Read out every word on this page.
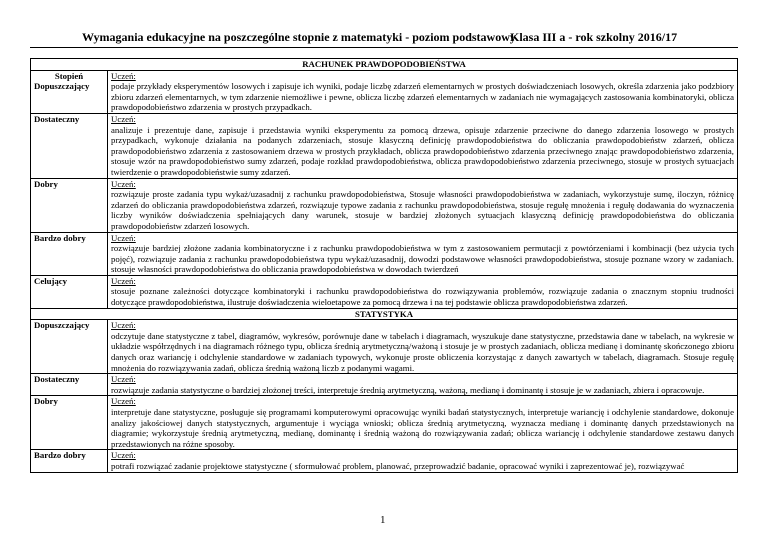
Wymagania edukacyjne na poszczególne stopnie z matematyki - poziom podstawowy
Klasa III a - rok szkolny 2016/17
RACHUNEK PRAWDOPODOBIEŃSTWA	

Stopień
Dopuszczający	Uczeń:
podaje przykłady eksperymentów losowych i zapisuje ich wyniki, podaje liczbę zdarzeń elementarnych w prostych doświadczeniach losowych, określa zdarzenia jako podzbiory zbioru zdarzeń elementarnych, w tym zdarzenie niemożliwe i pewne, oblicza liczbę zdarzeń elementarnych w zadaniach nie wymagających zastosowania kombinatoryki, oblicza prawdopodobieństwo zdarzenia w prostych przypadkach.
Dostateczny	Uczeń:
analizuje i prezentuje dane, zapisuje i przedstawia wyniki eksperymentu za pomocą drzewa, opisuje zdarzenie przeciwne do danego zdarzenia losowego w prostych przypadkach, wykonuje działania na podanych zdarzeniach, stosuje klasyczną definicję prawdopodobieństwa do obliczania prawdopodobieństw zdarzeń, oblicza prawdopodobieństwo zdarzenia z zastosowaniem drzewa w prostych przykładach, oblicza prawdopodobieństwo zdarzenia przeciwnego znając prawdopodobieństwo zdarzenia, stosuje wzór na prawdopodobieństwo sumy zdarzeń, podaje rozkład prawdopodobieństwa, oblicza prawdopodobieństwo zdarzenia przeciwnego, stosuje w prostych sytuacjach twierdzenie o prawdopodobieństwie sumy zdarzeń.
Dobry	Uczeń:
rozwiązuje proste zadania typu wykaż/uzasadnij z rachunku prawdopodobieństwa, Stosuje własności prawdopodobieństwa w zadaniach, wykorzystuje sumę, iloczyn, różnicę zdarzeń do obliczania prawdopodobieństwa zdarzeń, rozwiązuje typowe zadania z rachunku prawdopodobieństwa, stosuje regułę mnożenia i regułę dodawania do wyznaczenia liczby wyników doświadczenia spełniających dany warunek, stosuje w bardziej złożonych sytuacjach klasyczną definicję prawdopodobieństwa do obliczania prawdopodobieństw zdarzeń losowych.
Bardzo dobry	Uczeń:
rozwiązuje bardziej złożone zadania kombinatoryczne i z rachunku prawdopodobieństwa w tym z zastosowaniem permutacji z powtórzeniami i kombinacji (bez użycia tych pojęć), rozwiązuje zadania z rachunku prawdopodobieństwa typu wykaż/uzasadnij, dowodzi podstawowe własności prawdopodobieństwa, stosuje poznane wzory w zadaniach. stosuje własności prawdopodobieństwa do obliczania prawdopodobieństwa w dowodach twierdzeń
Celujący	Uczeń:
stosuje poznane zależności dotyczące kombinatoryki i rachunku prawdopodobieństwa do rozwiązywania problemów, rozwiązuje zadania o znacznym stopniu trudności dotyczące prawdopodobieństwa, ilustruje doświadczenia wieloetapowe za pomocą drzewa i na tej podstawie oblicza prawdopodobieństwa zdarzeń.
STATYSTYKA	
Dopuszczający	Uczeń:
odczytuje dane statystyczne z tabel, diagramów, wykresów, porównuje dane w tabelach i diagramach, wyszukuje dane statystyczne, przedstawia dane w tabelach, na wykresie w układzie współrzędnych i na diagramach różnego typu, oblicza średnią arytmetyczną/ważoną i stosuje je w prostych zadaniach, oblicza medianę i dominantę skończonego zbioru danych oraz wariancję i odchylenie standardowe w zadaniach typowych, wykonuje proste obliczenia korzystając z danych zawartych w tabelach, diagramach. Stosuje regułę mnożenia do rozwiązywania zadań, oblicza średnią ważoną liczb z podanymi wagami.
Dostateczny	Uczeń:
rozwiązuje zadania statystyczne o bardziej złożonej treści, interpretuje średnią arytmetyczną, ważoną, medianę i dominantę i stosuje je w zadaniach, zbiera i opracowuje.
Dobry	Uczeń:
interpretuje dane statystyczne, posługuje się programami komputerowymi opracowując wyniki badań statystycznych, interpretuje wariancję i odchylenie standardowe, dokonuje analizy jakościowej danych statystycznych, argumentuje i wyciąga wnioski; oblicza średnią arytmetyczną, wyznacza medianę i dominantę danych przedstawionych na diagramie; wykorzystuje średnią arytmetyczną, medianę, dominantę i średnią ważoną do rozwiązywania zadań; oblicza wariancję i odchylenie standardowe zestawu danych przedstawionych na różne sposoby.
Bardzo dobry	Uczeń:
potrafi rozwiązać zadanie projektowe statystyczne ( sformułować problem, planować, przeprowadzić badanie, opracować wyniki i zaprezentować je), rozwiązywać
1
